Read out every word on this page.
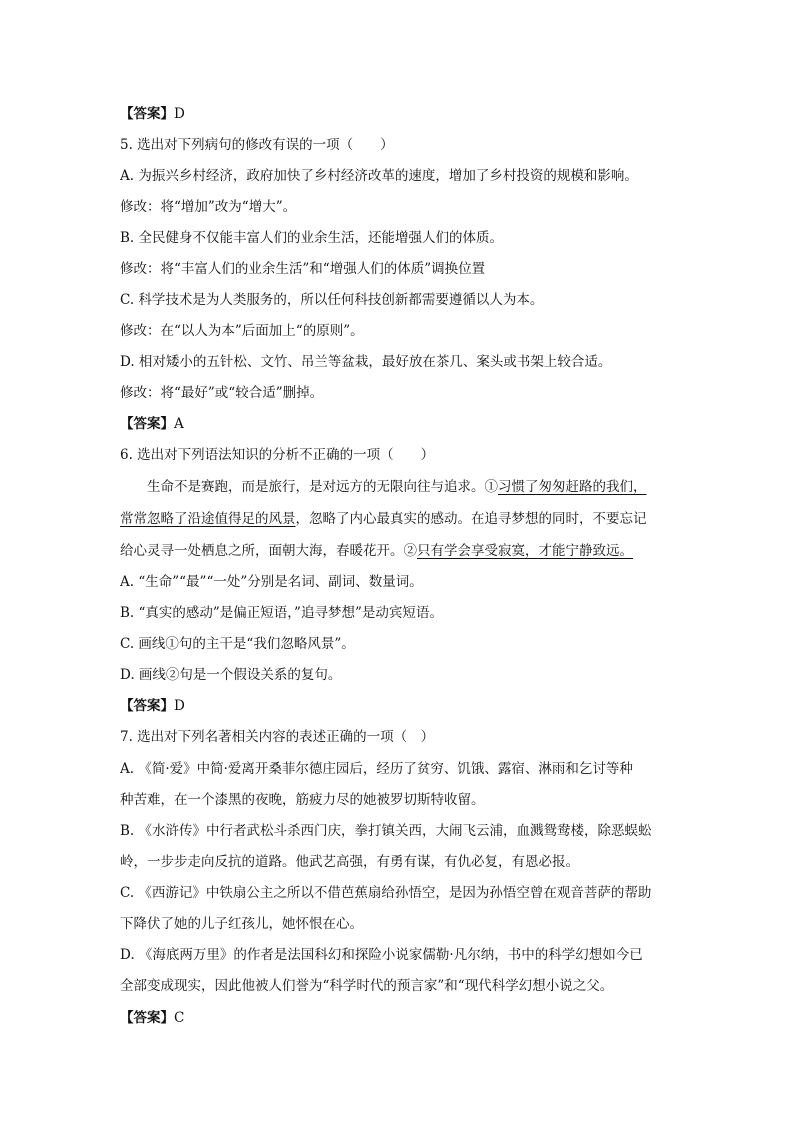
【答案】D
5. 选出对下列病句的修改有误的一项（　　）
A. 为振兴乡村经济，政府加快了乡村经济改革的速度，增加了乡村投资的规模和影响。
修改：将“增加”改为“增大”。
B. 全民健身不仅能丰富人们的业余生活，还能增强人们的体质。
修改：将“丰富人们的业余生活”和“增强人们的体质”调换位置
C. 科学技术是为人类服务的，所以任何科技创新都需要遵循以人为本。
修改：在“以人为本”后面加上“的原则”。
D. 相对矮小的五针松、文竹、吊兰等盆栽，最好放在茶几、案头或书架上较合适。
修改：将“最好”或“较合适”删掉。
【答案】A
6. 选出对下列语法知识的分析不正确的一项（　　）
生命不是赛跑，而是旅行，是对远方的无限向往与追求。①习惯了匆匆赶路的我们，
常常忽略了沿途值得足的风景，忽略了内心最真实的感动。在追寻梦想的同时，不要忘记
给心灵寻一处栖息之所，面朝大海，春暖花开。②只有学会享受寂寞，才能宁静致远。
A. “生命”“最”“一处”分别是名词、副词、数量词。
B. “真实的感动”是偏正短语，”追寻梦想”是动宾短语。
C. 画线①句的主干是“我们忽略风景”。
D. 画线②句是一个假设关系的复句。
【答案】D
7. 选出对下列名著相关内容的表述正确的一项（　）
A. 《简·爱》中简·爱离开桑菲尔德庄园后，经历了贫穷、饥饿、露宿、淋雨和乞讨等种
种苦难，在一个漆黑的夜晚，筋疲力尽的她被罗切斯特收留。
B. 《水浒传》中行者武松斗杀西门庆，拳打镇关西，大闹飞云浦，血溅鸳鸯楼，除恶蜈蚣
岭，一步步走向反抗的道路。他武艺高强，有勇有谋，有仇必复，有恩必报。
C. 《西游记》中铁扇公主之所以不借芭蕉扇给孙悟空，是因为孙悟空曾在观音菩萨的帮助
下降伏了她的儿子红孩儿，她怀恨在心。
D. 《海底两万里》的作者是法国科幻和探险小说家儒勒·凡尔纳，书中的科学幻想如今已
全部变成现实，因此他被人们誉为“科学时代的预言家”和“现代科学幻想小说之父。
【答案】C
